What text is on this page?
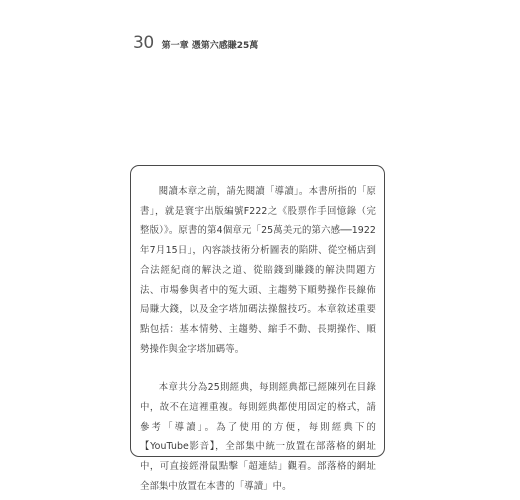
30 第一章 憑第六感賺25萬

閱讀本章之前，請先閱讀「導讀」。本書所指的「原書」，就是寰宇出版編號F222之《股票作手回憶錄（完整版）》。原書的第4個章元「25萬美元的第六感──1922年7月15日」，內容談技術分析圖表的陷阱、從空桶店到合法經紀商的解決之道、從賠錢到賺錢的解決問題方法、市場參與者中的冤大頭、主趨勢下順勢操作長線佈局賺大錢，以及金字塔加碼法操盤技巧。本章敘述重要點包括：基本情勢、主趨勢、縮手不動、長期操作、順勢操作與金字塔加碼等。

本章共分為25則經典，每則經典都已經陳列在目錄中，故不在這裡重複。每則經典都使用固定的格式，請參考「導讀」。為了使用的方便，每則經典下的【YouTube影音】，全部集中統一放置在部落格的網址中，可直接經滑鼠點擊「超連結」觀看。部落格的網址全部集中放置在本書的「導讀」中。
